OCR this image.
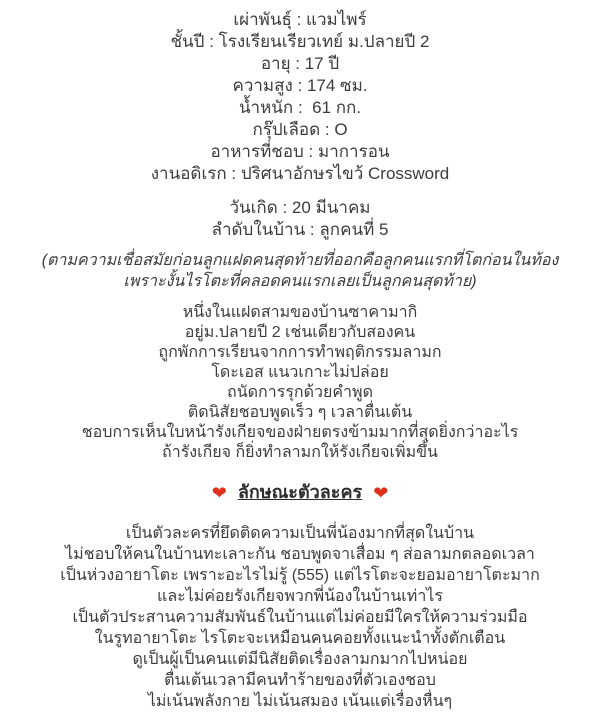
เผ่าพันธุ์ : แวมไพร์
ชั้นปี : โรงเรียนเรียวเทย์ ม.ปลายปี 2
อายุ : 17 ปี
ความสูง : 174 ซม.
น้ำหนัก :  61 กก.
กรุ๊ปเลือด : O
อาหารที่ชอบ : มาการอน
งานอดิเรก : ปริศนาอักษรไขว้ Crossword
วันเกิด : 20 มีนาคม
ลำดับในบ้าน : ลูกคนที่ 5
(ตามความเชื่อสมัยก่อนลูกแฝดคนสุดท้ายที่ออกคือลูกคนแรกที่โตก่อนในท้อง
เพราะงั้นไรโตะที่คลอดคนแรกเลยเป็นลูกคนสุดท้าย)
หนึ่งในแฝดสามของบ้านซาคามากิ
อยู่ม.ปลายปี 2 เช่นเดียวกับสองคน
ถูกพักการเรียนจากการทำพฤติกรรมลามก
โดะเอส แนวเกาะไม่ปล่อย
ถนัดการรุกด้วยคำพูด
ติดนิสัยชอบพูดเร็ว ๆ เวลาตื่นเต้น
ชอบการเห็นใบหน้ารังเกียจของฝ่ายตรงข้ามมากที่สุดยิ่งกว่าอะไร
ถ้ารังเกียจ ก็ยิ่งทำลามกให้รังเกียจเพิ่มขึ้น
❤ ลักษณะตัวละคร ❤
เป็นตัวละครที่ยึดติดความเป็นพี่น้องมากที่สุดในบ้าน
ไม่ชอบให้คนในบ้านทะเลาะกัน ชอบพูดจาเสื่อม ๆ ส่อลามกตลอดเวลา
เป็นห่วงอายาโตะ เพราะอะไรไม่รู้ (555) แต่ไรโตะจะยอมอายาโตะมาก
และไม่ค่อยรังเกียจพวกพี่น้องในบ้านเท่าไร
เป็นตัวประสานความสัมพันธ์ในบ้านแต่ไม่ค่อยมีใครให้ความร่วมมือ
ในรูทอายาโตะ ไรโตะจะเหมือนคนคอยทั้งแนะนำทั้งตักเตือน
ดูเป็นผู้เป็นคนแต่มีนิสัยติดเรื่องลามกมากไปหน่อย
ตื่นเต้นเวลามีคนทำร้ายของที่ตัวเองชอบ
ไม่เน้นพลังกาย ไม่เน้นสมอง เน้นแต่เรื่องหื่นๆ
